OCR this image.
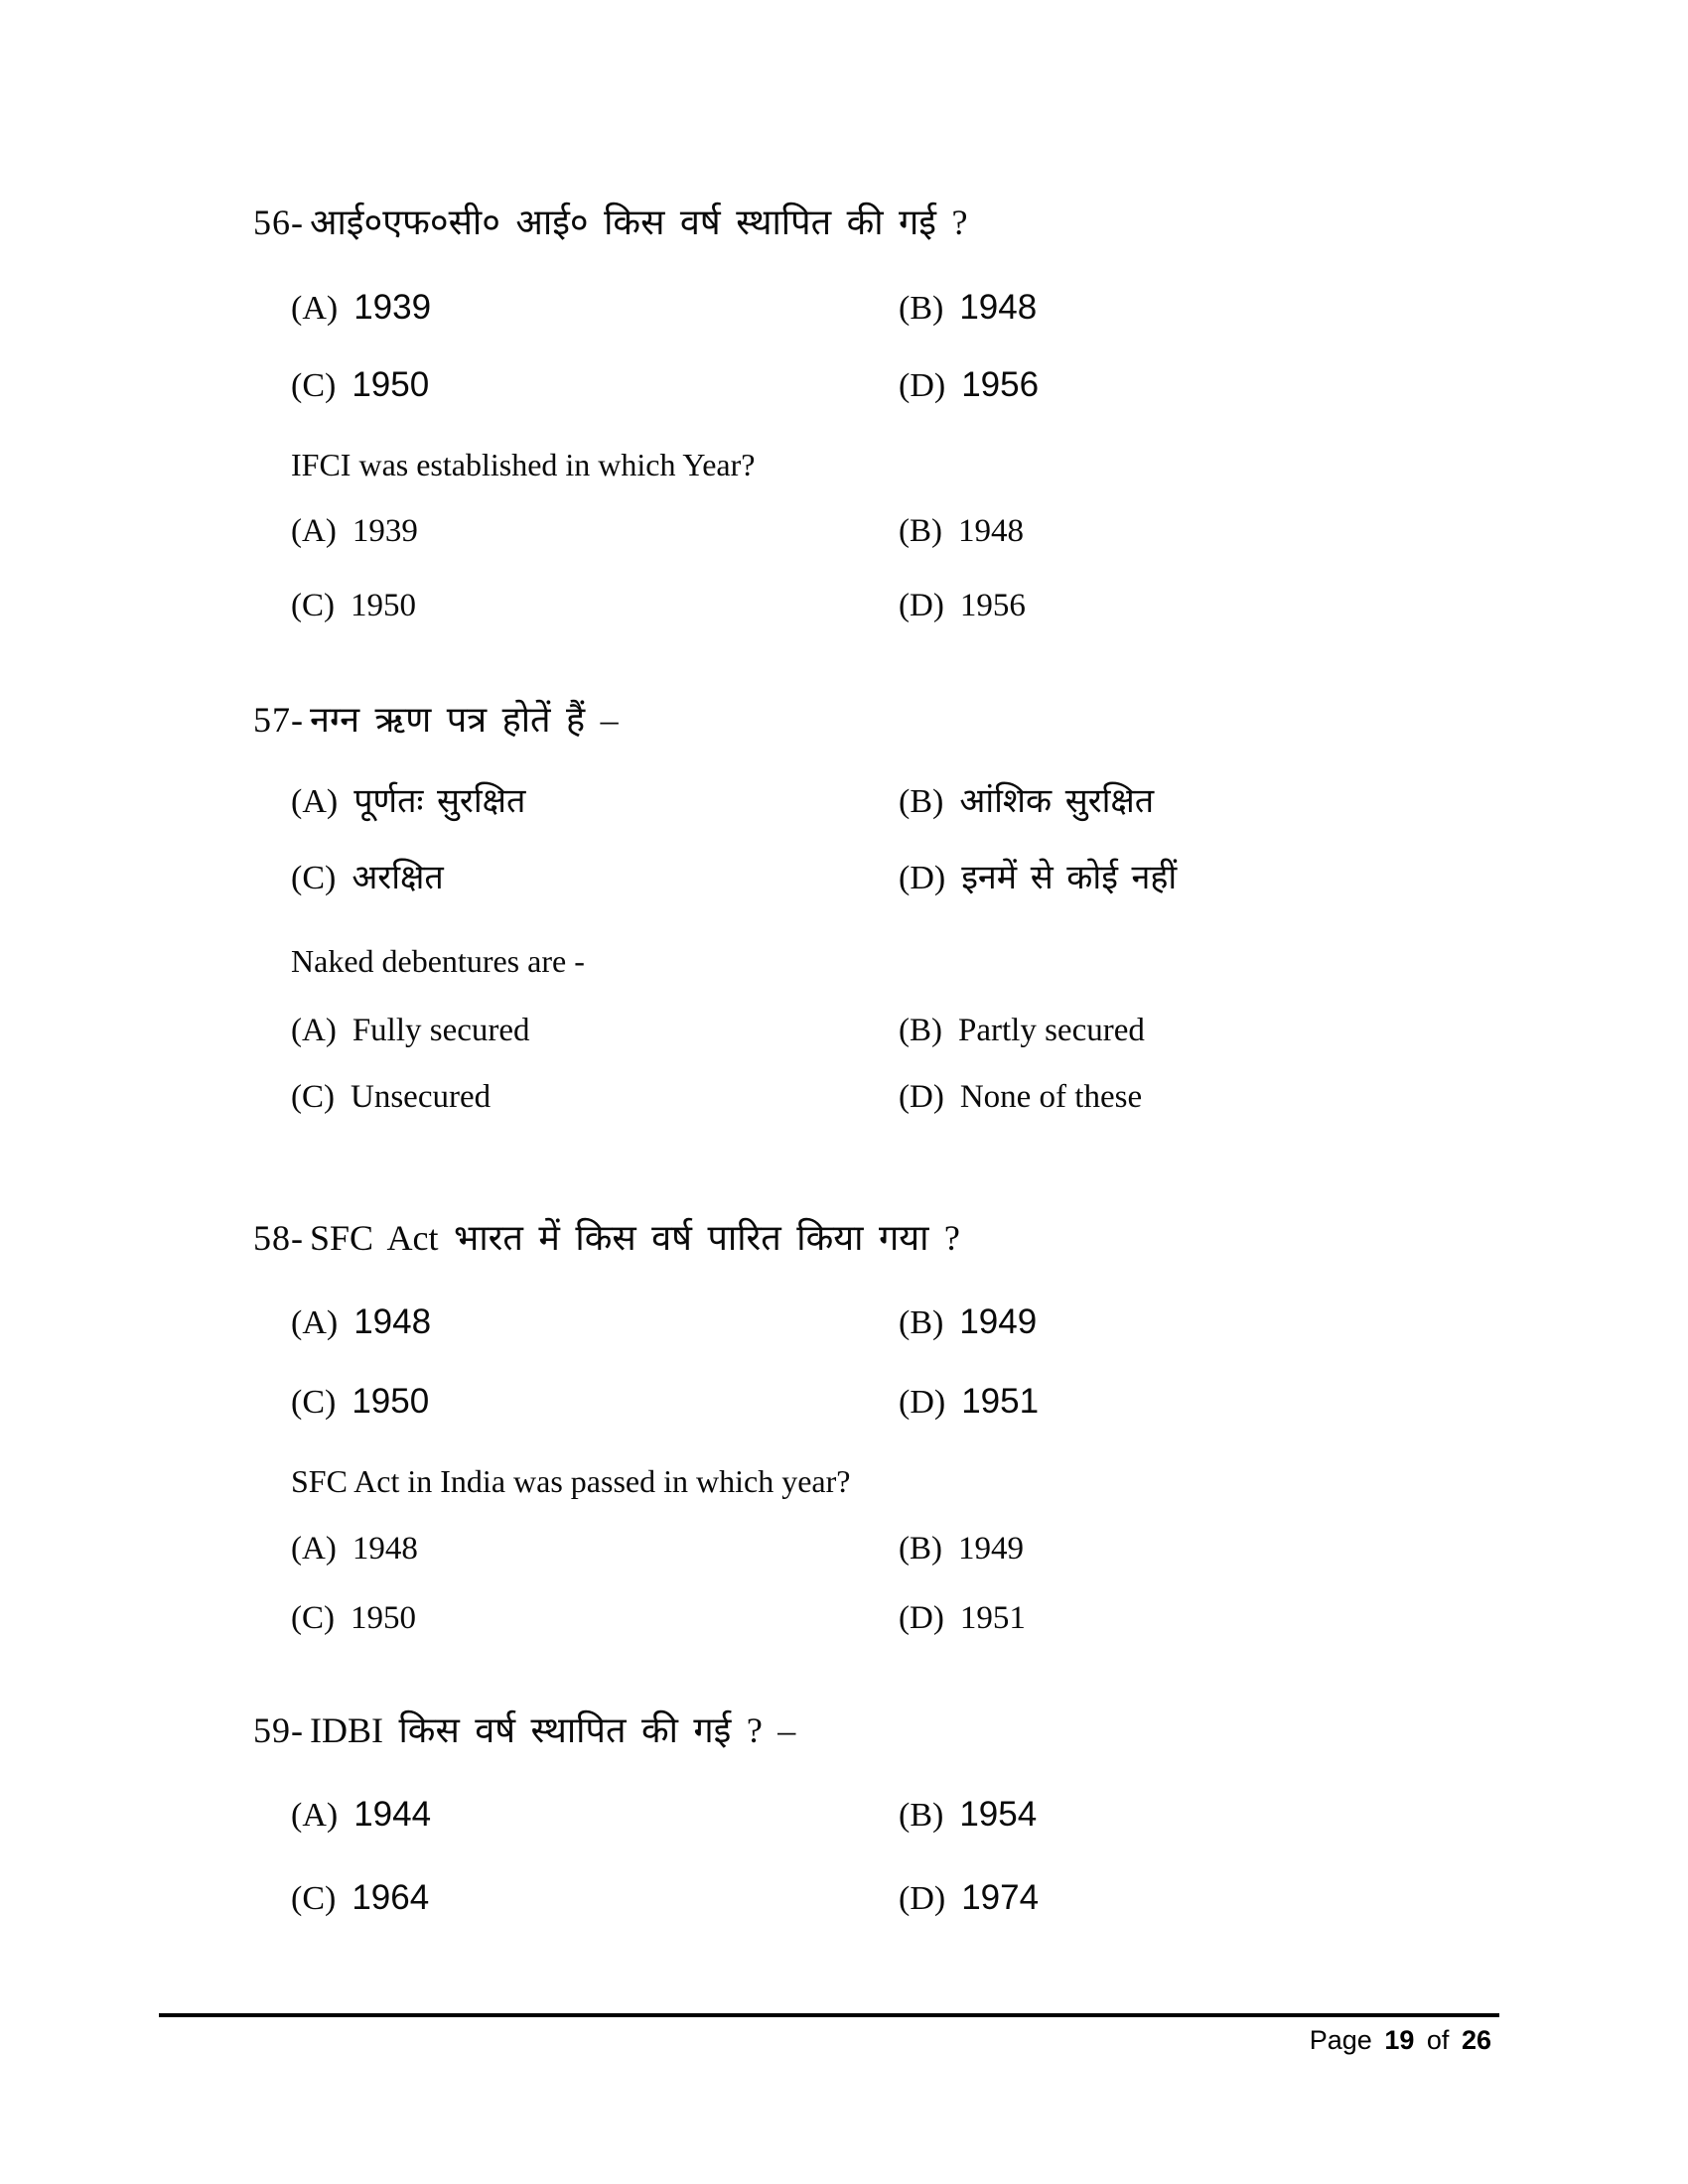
56- आई०एफ०सी० आई० किस वर्ष स्थापित की गई ?
(A) 1939	(B) 1948
(C) 1950	(D) 1956
IFCI was established in which Year?
(A) 1939	(B) 1948
(C) 1950	(D) 1956
57- नग्न ऋण पत्र होतें हैं –
(A) पूर्णतः सुरक्षित	(B) आंशिक सुरक्षित
(C) अरक्षित	(D) इनमें से कोई नहीं
Naked debentures are -
(A) Fully secured	(B) Partly secured
(C) Unsecured	(D) None of these
58- SFC Act भारत में किस वर्ष पारित किया गया ?
(A) 1948	(B) 1949
(C) 1950	(D) 1951
SFC Act in India was passed in which year?
(A) 1948	(B) 1949
(C) 1950	(D) 1951
59- IDBI किस वर्ष स्थापित की गई ? –
(A) 1944	(B) 1954
(C) 1964	(D) 1974
Page 19 of 26
